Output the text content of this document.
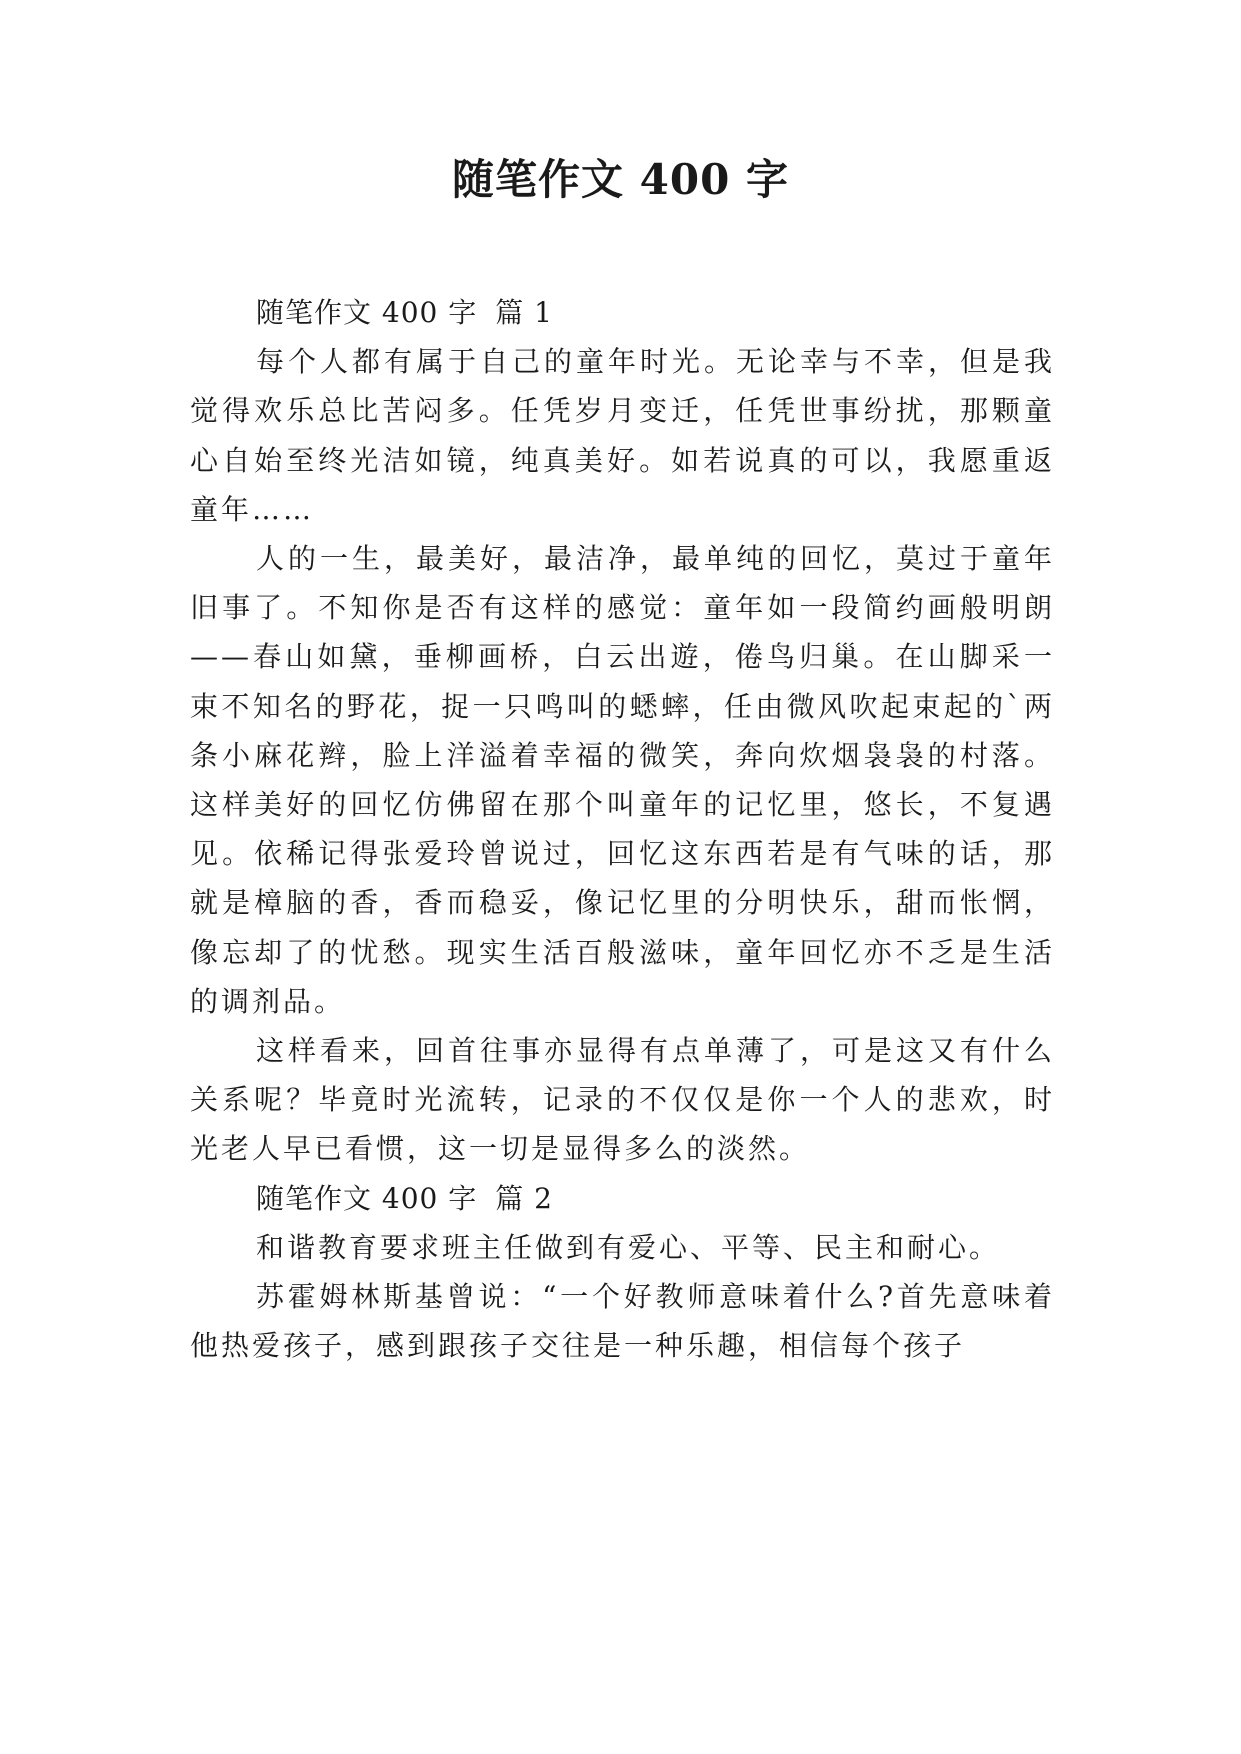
随笔作文 400 字

随笔作文 400 字 篇 1

每个人都有属于自己的童年时光。无论幸与不幸，但是我觉得欢乐总比苦闷多。任凭岁月变迁，任凭世事纷扰，那颗童心自始至终光洁如镜，纯真美好。如若说真的可以，我愿重返童年……

人的一生，最美好，最洁净，最单纯的回忆，莫过于童年旧事了。不知你是否有这样的感觉：童年如一段简约画般明朗——春山如黛，垂柳画桥，白云出遊，倦鸟归巢。在山脚采一束不知名的野花，捉一只鸣叫的蟋蟀，任由微风吹起束起的`两条小麻花辫，脸上洋溢着幸福的微笑，奔向炊烟袅袅的村落。这样美好的回忆仿佛留在那个叫童年的记忆里，悠长，不复遇见。依稀记得张爱玲曾说过，回忆这东西若是有气味的话，那就是樟脑的香，香而稳妥，像记忆里的分明快乐，甜而怅惘，像忘却了的忧愁。现实生活百般滋味，童年回忆亦不乏是生活的调剂品。

这样看来，回首往事亦显得有点单薄了，可是这又有什么关系呢？毕竟时光流转，记录的不仅仅是你一个人的悲欢，时光老人早已看惯，这一切是显得多么的淡然。

随笔作文 400 字 篇 2

和谐教育要求班主任做到有爱心、平等、民主和耐心。

苏霍姆林斯基曾说：“一个好教师意味着什么?首先意味着他热爱孩子，感到跟孩子交往是一种乐趣，相信每个孩子
